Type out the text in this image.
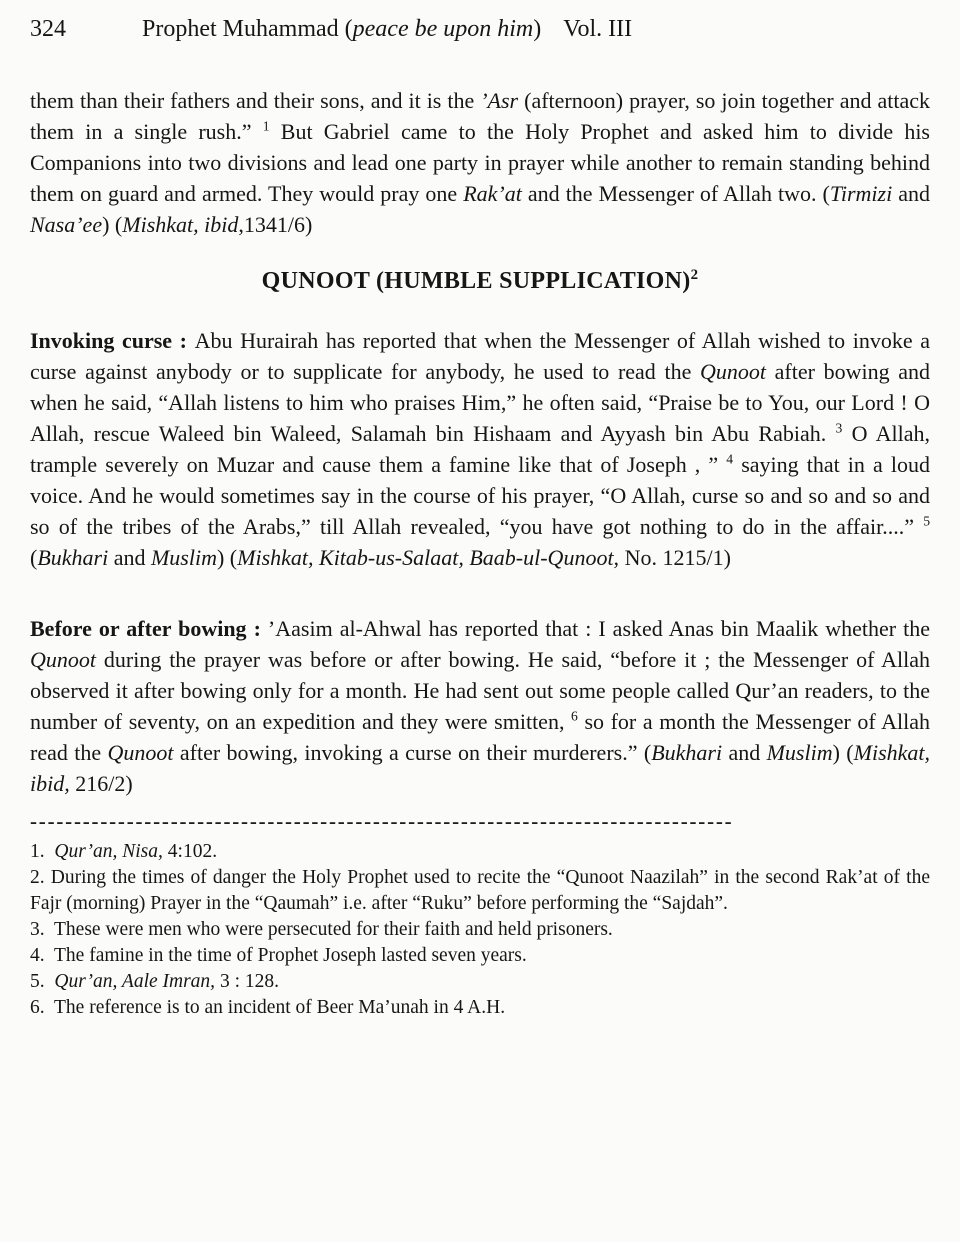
324	Prophet Muhammad (peace be upon him) Vol. III

them than their fathers and their sons, and it is the ’Asr (afternoon) prayer, so join together and attack them in a single rush.” $^1$ But Gabriel came to the Holy Prophet and asked him to divide his Companions into two divisions and lead one party in prayer while another to remain standing behind them on guard and armed. They would pray one Rak’at and the Messenger of Allah two. (Tirmizi and Nasa’ee) (Mishkat, ibid,1341/6)

QUNOOT (HUMBLE SUPPLICATION)$^2$

Invoking curse : Abu Hurairah has reported that when the Messenger of Allah wished to invoke a curse against anybody or to supplicate for anybody, he used to read the Qunoot after bowing and when he said, “Allah listens to him who praises Him,” he often said, “Praise be to You, our Lord ! O Allah, rescue Waleed bin Waleed, Salamah bin Hishaam and Ayyash bin Abu Rabiah. $^3$ O Allah, trample severely on Muzar and cause them a famine like that of Joseph , ” $^4$ saying that in a loud voice. And he would sometimes say in the course of his prayer, “O Allah, curse so and so and so and so of the tribes of the Arabs,” till Allah revealed, “you have got nothing to do in the affair....” $^5$ (Bukhari and Muslim) (Mishkat, Kitab-us-Salaat, Baab-ul-Qunoot, No. 1215/1)

Before or after bowing : ’Aasim al-Ahwal has reported that : I asked Anas bin Maalik whether the Qunoot during the prayer was before or after bowing. He said, “before it ; the Messenger of Allah observed it after bowing only for a month. He had sent out some people called Qur’an readers, to the number of seventy, on an expedition and they were smitten, $^6$ so for a month the Messenger of Allah read the Qunoot after bowing, invoking a curse on their murderers.” (Bukhari and Muslim) (Mishkat, ibid, 216/2)

--------------------------------------------------------------------------------

1.  Qur’an, Nisa, 4:102.

2. During the times of danger the Holy Prophet used to recite the “Qunoot Naazilah” in the second Rak’at of the Fajr (morning) Prayer in the “Qaumah” i.e. after “Ruku” before performing the “Sajdah”.

3.  These were men who were persecuted for their faith and held prisoners.

4.  The famine in the time of Prophet Joseph lasted seven years.

5.  Qur’an, Aale Imran, 3 : 128.

6.  The reference is to an incident of Beer Ma’unah in 4 A.H.
